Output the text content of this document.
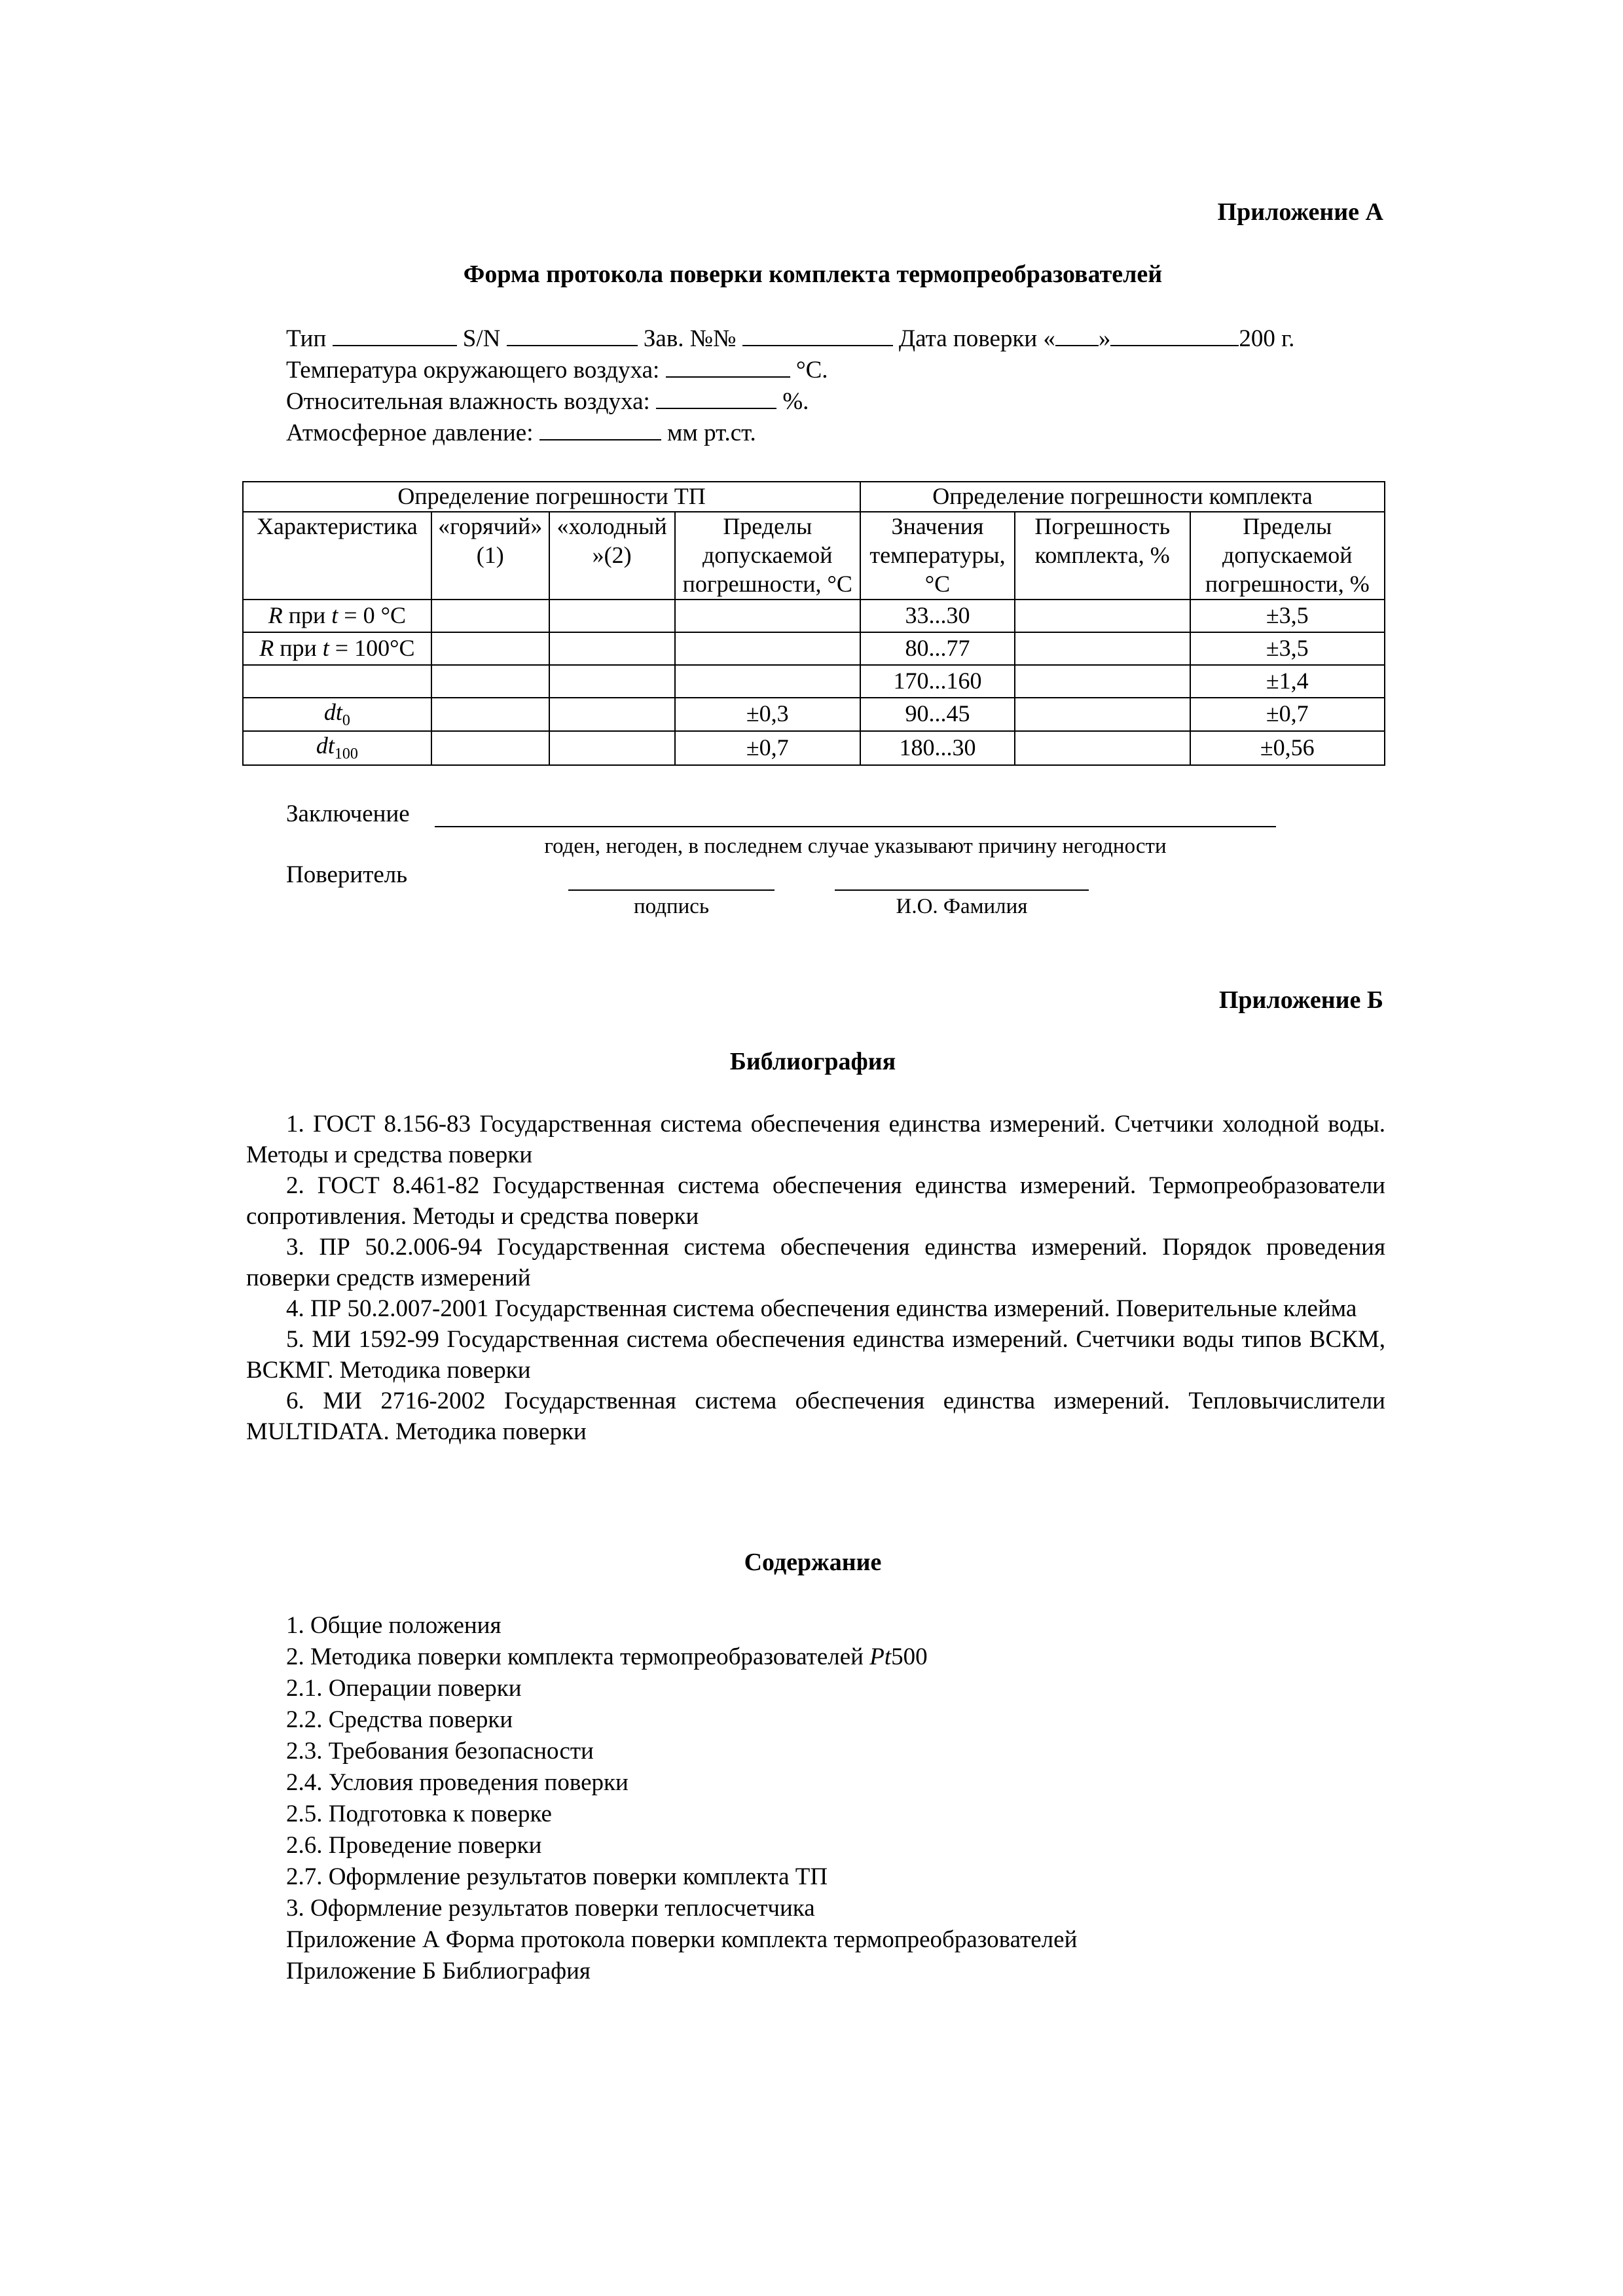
Приложение А
Форма протокола поверки комплекта термопреобразователей
Тип	S/N	Зав. №№	Дата поверки « »	200 г.
Температура окружающего воздуха:	°С.
Относительная влажность воздуха:	%.
Атмосферное давление:	мм рт.ст.
Определение погрешности ТП				Определение погрешности комплекта		
Характеристика	«горячий» (1)	«холодный »(2)	Пределы допускаемой погрешности, °С	Значения температуры, °С	Погрешность комплекта, %	Пределы допускаемой погрешности, %
R при t = 0 °С				33...30		±3,5
R при t = 100°С				80...77		±3,5
				170...160		±1,4
$dt_0$			±0,3	90...45		±0,7
$dt_{100}$			±0,7	180...30		±0,56
Заключение
годен, негоден, в последнем случае указывают причину негодности
Поверитель
подпись	И.О. Фамилия
Приложение Б
Библиография

1. ГОСТ 8.156-83 Государственная система обеспечения единства измерений. Счетчики холодной воды. Методы и средства поверки

2. ГОСТ 8.461-82 Государственная система обеспечения единства измерений. Термопреобразователи сопротивления. Методы и средства поверки

3. ПР 50.2.006-94 Государственная система обеспечения единства измерений. Порядок проведения поверки средств измерений

4. ПР 50.2.007-2001 Государственная система обеспечения единства измерений. Поверительные клейма

5. МИ 1592-99 Государственная система обеспечения единства измерений. Счетчики воды типов ВСКМ, ВСКМГ. Методика поверки

6. МИ 2716-2002 Государственная система обеспечения единства измерений. Тепловычислители MULTIDATA. Методика поверки

Содержание
1. Общие положения
2. Методика поверки комплекта термопреобразователей Pt500
2.1. Операции поверки
2.2. Средства поверки
2.3. Требования безопасности
2.4. Условия проведения поверки
2.5. Подготовка к поверке
2.6. Проведение поверки
2.7. Оформление результатов поверки комплекта ТП
3. Оформление результатов поверки теплосчетчика
Приложение А Форма протокола поверки комплекта термопреобразователей
Приложение Б Библиография
